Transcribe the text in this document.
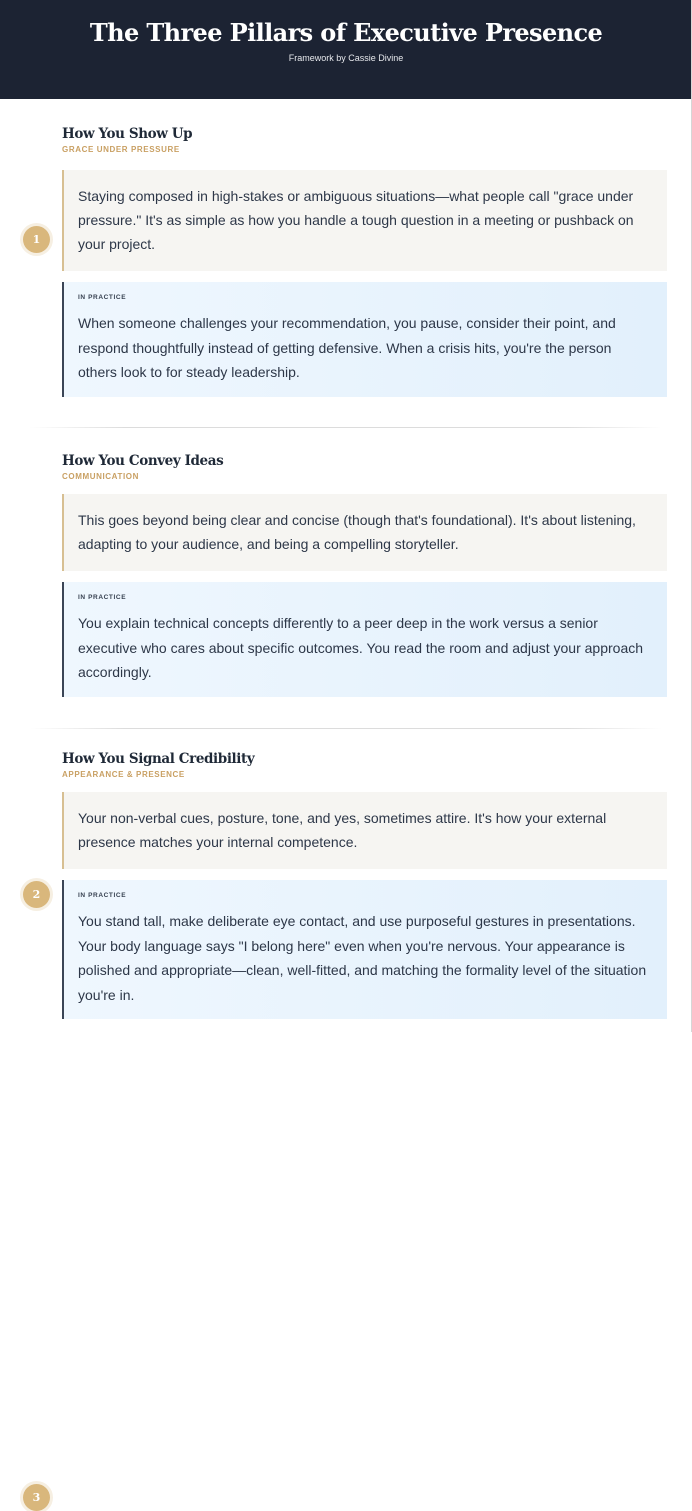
The Three Pillars of Executive Presence
Framework by Cassie Divine
1
How You Show Up
GRACE UNDER PRESSURE
Staying composed in high-stakes or ambiguous situations—what people call "grace under pressure." It's as simple as how you handle a tough question in a meeting or pushback on your project.
IN PRACTICE
When someone challenges your recommendation, you pause, consider their point, and respond thoughtfully instead of getting defensive. When a crisis hits, you're the person others look to for steady leadership.
2
How You Convey Ideas
COMMUNICATION
This goes beyond being clear and concise (though that's foundational). It's about listening, adapting to your audience, and being a compelling storyteller.
IN PRACTICE
You explain technical concepts differently to a peer deep in the work versus a senior executive who cares about specific outcomes. You read the room and adjust your approach accordingly.
3
How You Signal Credibility
APPEARANCE & PRESENCE
Your non-verbal cues, posture, tone, and yes, sometimes attire. It's how your external presence matches your internal competence.
IN PRACTICE
You stand tall, make deliberate eye contact, and use purposeful gestures in presentations. Your body language says "I belong here" even when you're nervous. Your appearance is polished and appropriate—clean, well-fitted, and matching the formality level of the situation you're in.
